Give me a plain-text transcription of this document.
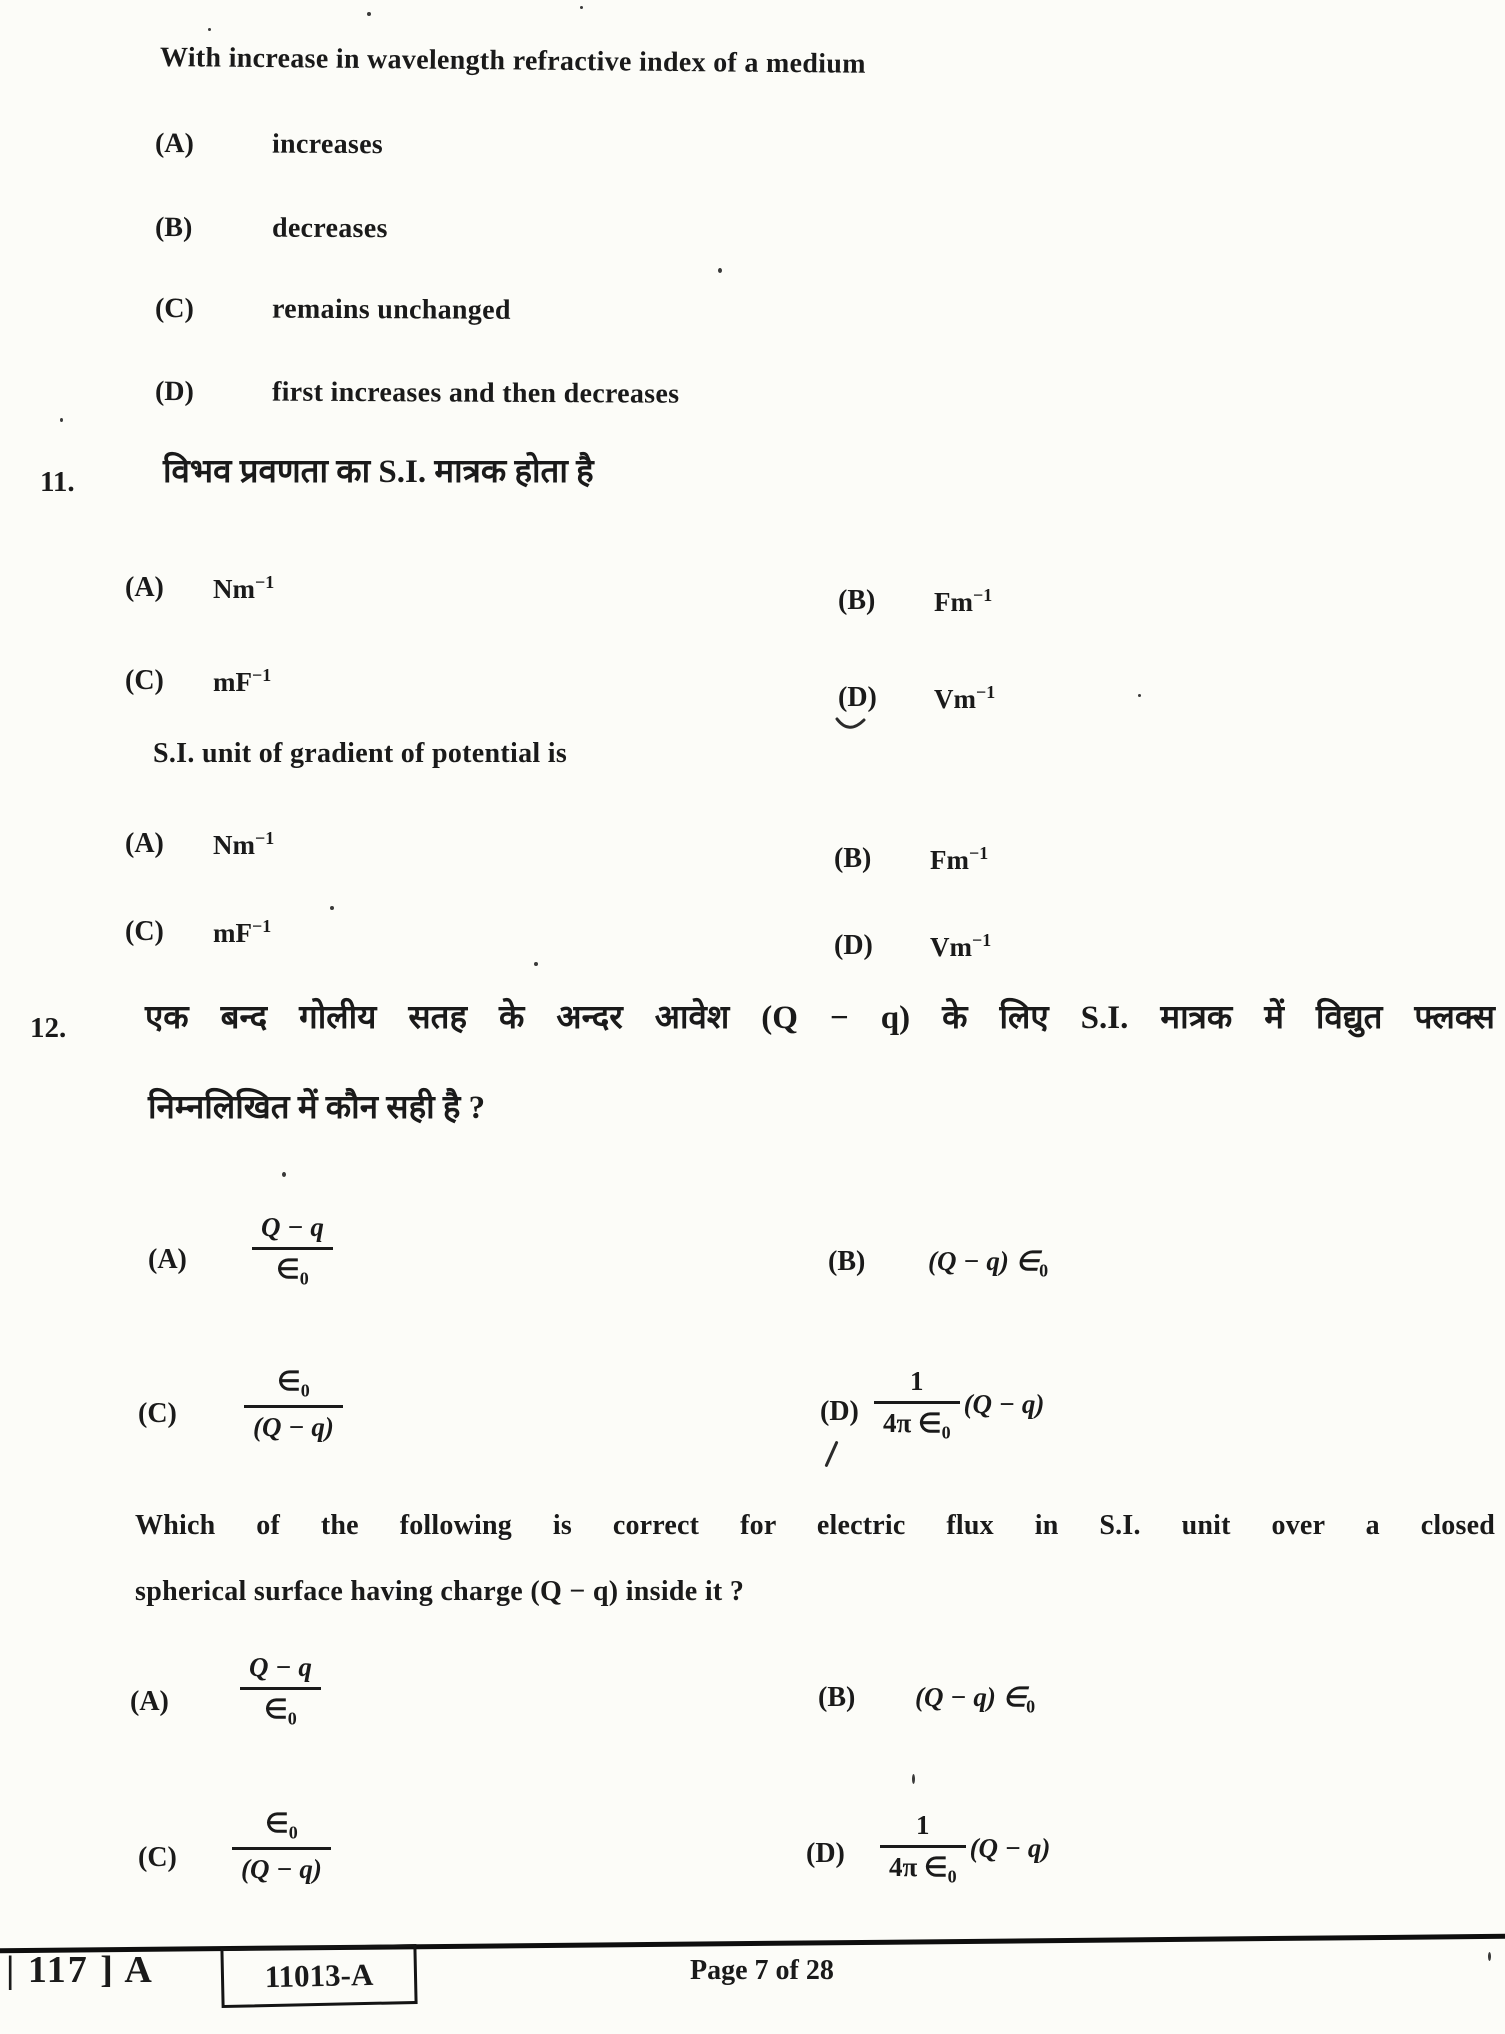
With increase in wavelength refractive index of a medium
(A)	increases
(B)	decreases
(C)	remains unchanged
(D)	first increases and then decreases
11.	विभव प्रवणता का S.I. मात्रक होता है
(A)	$Nm^{-1}$
(B)	$Fm^{-1}$
(C)	$mF^{-1}$
(D)	$Vm^{-1}$
S.I. unit of gradient of potential is
(A)	$Nm^{-1}$
(B)	$Fm^{-1}$
(C)	$mF^{-1}$
(D)	$Vm^{-1}$
12. एक बन्द गोलीय सतह के अन्दर आवेश (Q − q) के लिए S.I. मात्रक में विद्युत फ्लक्स
निम्नलिखित में कौन सही है ?
$(A) \frac{Q - q}{\in_0}$	(B) (Q − q) $\in_0$
$(C) \frac{\in_0}{(Q - q)}$	$(D) \frac{1}{4\pi \in_0} (Q - q)$
Which of the following is correct for electric flux in S.I. unit over a closed
spherical surface having charge (Q − q) inside it ?
(A)	$\frac{Q - q}{\in_0}$	(B) (Q − q) $\in_0$
$(C) \frac{\in_0}{(Q - q)}$	$(D) \frac{1}{4\pi \in_0} (Q - q)$
| 117 ] A	11013-A	Page 7 of 28
